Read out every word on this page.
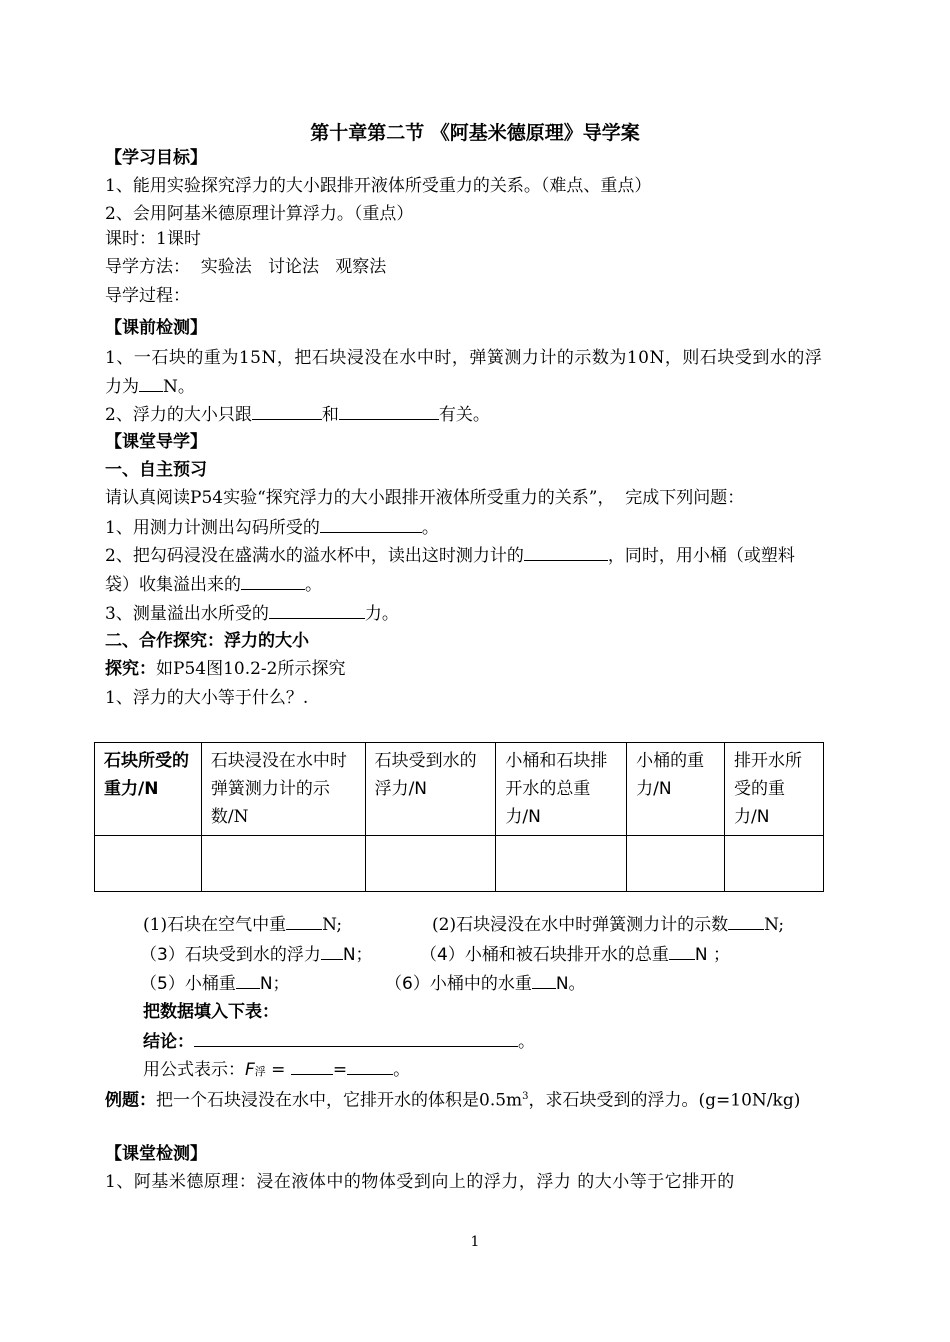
第十章第二节 《阿基米德原理》导学案
【学习目标】
1、能用实验探究浮力的大小跟排开液体所受重力的关系。（难点、重点）
2、会用阿基米德原理计算浮力。（重点）
课时：1课时
导学方法：  实验法   讨论法   观察法
导学过程：
【课前检测】
1、一石块的重为15N，把石块浸没在水中时，弹簧测力计的示数为10N，则石块受到水的浮
力为 N。
2、浮力的大小只跟	和	有关。
【课堂导学】
一、自主预习
请认真阅读P54实验“探究浮力的大小跟排开液体所受重力的关系”，  完成下列问题：
1、用测力计测出勾码所受的	。
2、把勾码浸没在盛满水的溢水杯中，读出这时测力计的	，同时，用小桶（或塑料
袋）收集溢出来的	。
3、测量溢出水所受的	力。
二、合作探究：浮力的大小
探究：如P54图10.2-2所示探究
1、浮力的大小等于什么？.
石块所受的重力/N	石块浸没在水中时弹簧测力计的示数/N	石块受到水的浮力/N	小桶和石块排开水的总重力/N	小桶的重力/N	排开水所受的重力/N

(1)石块在空气中重 N;	(2)石块浸没在水中时弹簧测力计的示数 N;
（3）石块受到水的浮力 N；	（4）小桶和被石块排开水的总重 N ；
（5）小桶重 N；	（6）小桶中的水重 N。
把数据填入下表：
结论：	。
用公式表示：F浮 = =	。
例题：把一个石块浸没在水中，它排开水的体积是$0.5m^3$，求石块受到的浮力。(g=10N/kg)
【课堂检测】
1、阿基米德原理：浸在液体中的物体受到向上的浮力，浮力 的大小等于它排开的
1
